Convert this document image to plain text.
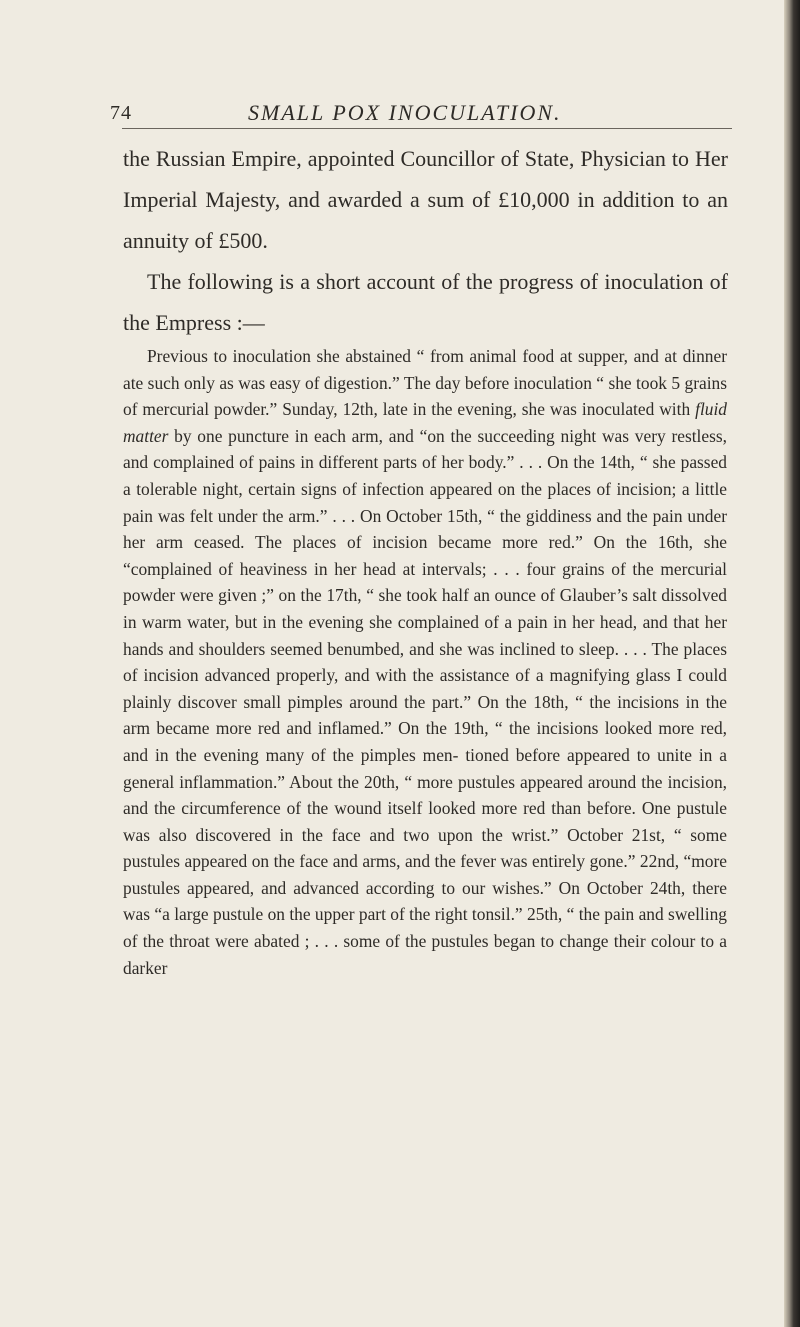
74	SMALL POX INOCULATION.

the Russian Empire, appointed Councillor of State, Physician to Her Imperial Majesty, and awarded a sum of £10,000 in addition to an annuity of £500.

The following is a short account of the progress of inoculation of the Empress :—

Previous to inoculation she abstained “ from animal food at supper, and at dinner ate such only as was easy of digestion.” The day before inoculation “ she took 5 grains of mercurial powder.” Sunday, 12th, late in the evening, she was inoculated with fluid matter by one puncture in each arm, and “on the succeeding night was very restless, and complained of pains in different parts of her body.” . . . On the 14th, “ she passed a tolerable night, certain signs of infection appeared on the places of incision; a little pain was felt under the arm.” . . . On October 15th, “ the giddiness and the pain under her arm ceased. The places of incision became more red.” On the 16th, she “complained of heaviness in her head at intervals; . . . four grains of the mercurial powder were given ;” on the 17th, “ she took half an ounce of Glauber’s salt dissolved in warm water, but in the evening she complained of a pain in her head, and that her hands and shoulders seemed benumbed, and she was inclined to sleep. . . . The places of incision advanced properly, and with the assistance of a magnifying glass I could plainly discover small pimples around the part.” On the 18th, “ the incisions in the arm became more red and inflamed.” On the 19th, “ the incisions looked more red, and in the evening many of the pimples men- tioned before appeared to unite in a general inflammation.” About the 20th, “ more pustules appeared around the incision, and the circumference of the wound itself looked more red than before. One pustule was also discovered in the face and two upon the wrist.” October 21st, “ some pustules appeared on the face and arms, and the fever was entirely gone.” 22nd, “more pustules appeared, and advanced according to our wishes.” On October 24th, there was “a large pustule on the upper part of the right tonsil.” 25th, “ the pain and swelling of the throat were abated ; . . . some of the pustules began to change their colour to a darker
